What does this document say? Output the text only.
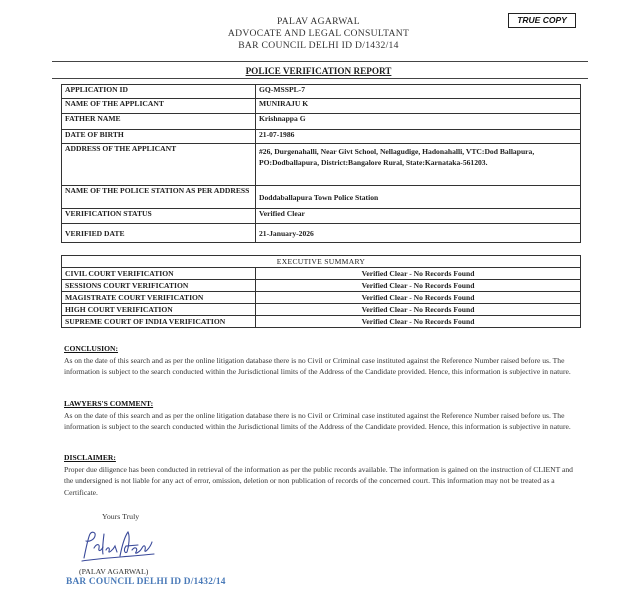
PALAV AGARWAL
ADVOCATE AND LEGAL CONSULTANT
BAR COUNCIL DELHI ID D/1432/14
TRUE COPY
POLICE VERIFICATION REPORT
APPLICATION ID	GQ-MSSPL-7
NAME OF THE APPLICANT	MUNIRAJU K
FATHER NAME	Krishnappa G
DATE OF BIRTH	21-07-1986
ADDRESS OF THE APPLICANT	#26, Durgenahalli, Near Givt School, Nellagudige, Hadonahalli, VTC:Dod Ballapura, PO:Dodballapura, District:Bangalore Rural, State:Karnataka-561203.
NAME OF THE POLICE STATION AS PER ADDRESS	Doddaballapura Town Police Station
VERIFICATION STATUS	Verified Clear
VERIFIED DATE	21-January-2026
EXECUTIVE SUMMARY	
CIVIL COURT VERIFICATION	Verified Clear - No Records Found
SESSIONS COURT VERIFICATION	Verified Clear - No Records Found
MAGISTRATE COURT VERIFICATION	Verified Clear - No Records Found
HIGH COURT VERIFICATION	Verified Clear - No Records Found
SUPREME COURT OF INDIA VERIFICATION	Verified Clear - No Records Found
CONCLUSION:
As on the date of this search and as per the online litigation database there is no Civil or Criminal case instituted against the Reference Number raised before us. The information is subject to the search conducted within the Jurisdictional limits of the Address of the Candidate provided. Hence, this information is subjective in nature.
LAWYERS'S COMMENT:
As on the date of this search and as per the online litigation database there is no Civil or Criminal case instituted against the Reference Number raised before us. The information is subject to the search conducted within the Jurisdictional limits of the Address of the Candidate provided. Hence, this information is subjective in nature.
DISCLAIMER:
Proper due diligence has been conducted in retrieval of the information as per the public records available. The information is gained on the instruction of CLIENT and the undersigned is not liable for any act of error, omission, deletion or non publication of records of the concerned court. This information may not be treated as a Certificate.
Yours Truly
(PALAV AGARWAL)
BAR COUNCIL DELHI ID D/1432/14
